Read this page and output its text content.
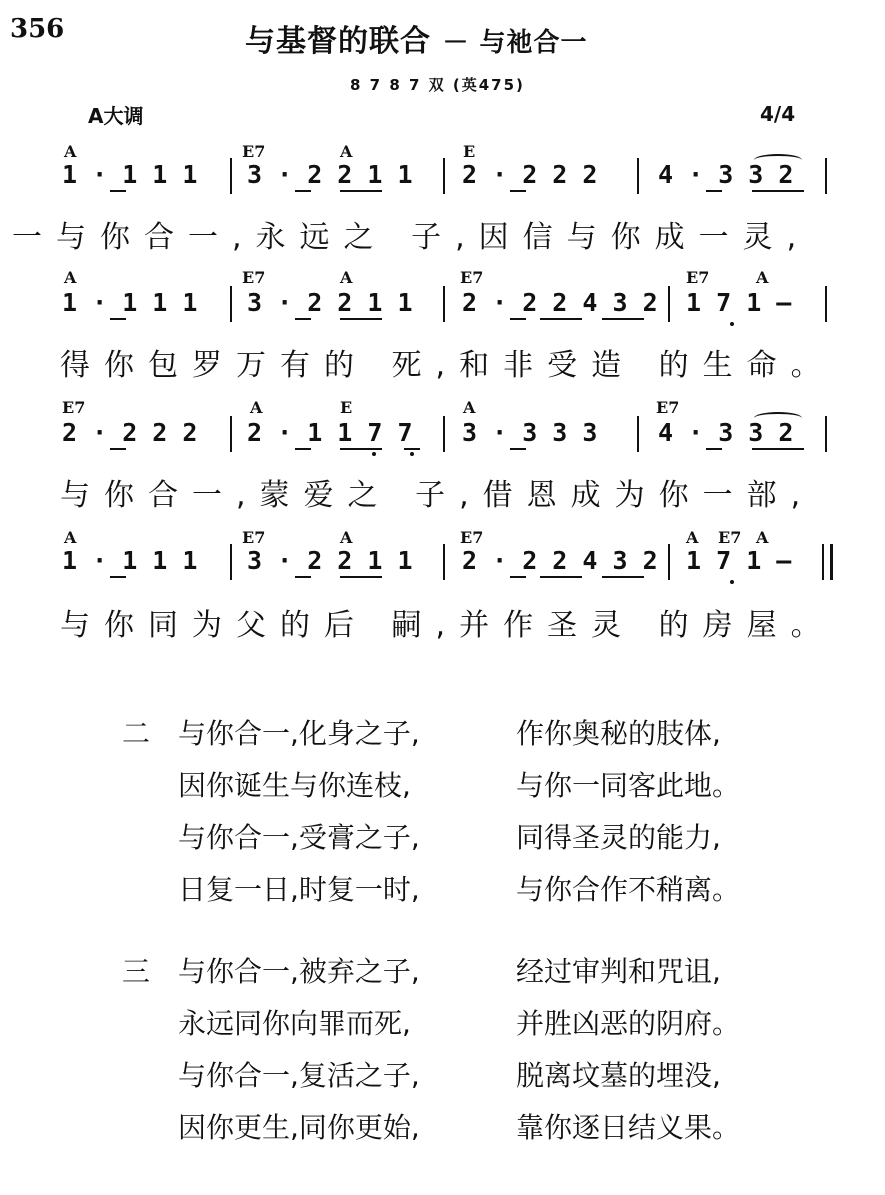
356	与基督的联合 － 与祂合一
8 7 8 7 双 (英475)
A大调	4/4
A	E7	A	E
1 · 1 1 1 3 · 2 2 1 1 2 · 2 2 2 4 · 3 3 2
一与你合一,永远之 子,因信与你成一灵,
A	E7	A	E7	E7	A
1 · 1 1 1 3 · 2 2 1 1 2 · 2 2 4 3 2 1 7 1 —
得你包罗万有的 死,和非受造 的生命。
E7	A	E	A	E7
2 · 2 2 2 2 · 1 1 7 7 3 · 3 3 3 4 · 3 3 2
与你合一,蒙爱之 子,借恩成为你一部,
A	E7	A	E7	A E7 A
1 · 1 1 1 3 · 2 2 1 1 2 · 2 2 4 3 2 1 7 1 —
与你同为父的后 嗣,并作圣灵 的房屋。
二 与你合一,化身之子,	作你奥秘的肢体,
因你诞生与你连枝,	与你一同客此地。
与你合一,受膏之子,	同得圣灵的能力,
日复一日,时复一时,	与你合作不稍离。
三 与你合一,被弃之子,	经过审判和咒诅,
永远同你向罪而死,	并胜凶恶的阴府。
与你合一,复活之子,	脱离坟墓的埋没,
因你更生,同你更始,	靠你逐日结义果。
